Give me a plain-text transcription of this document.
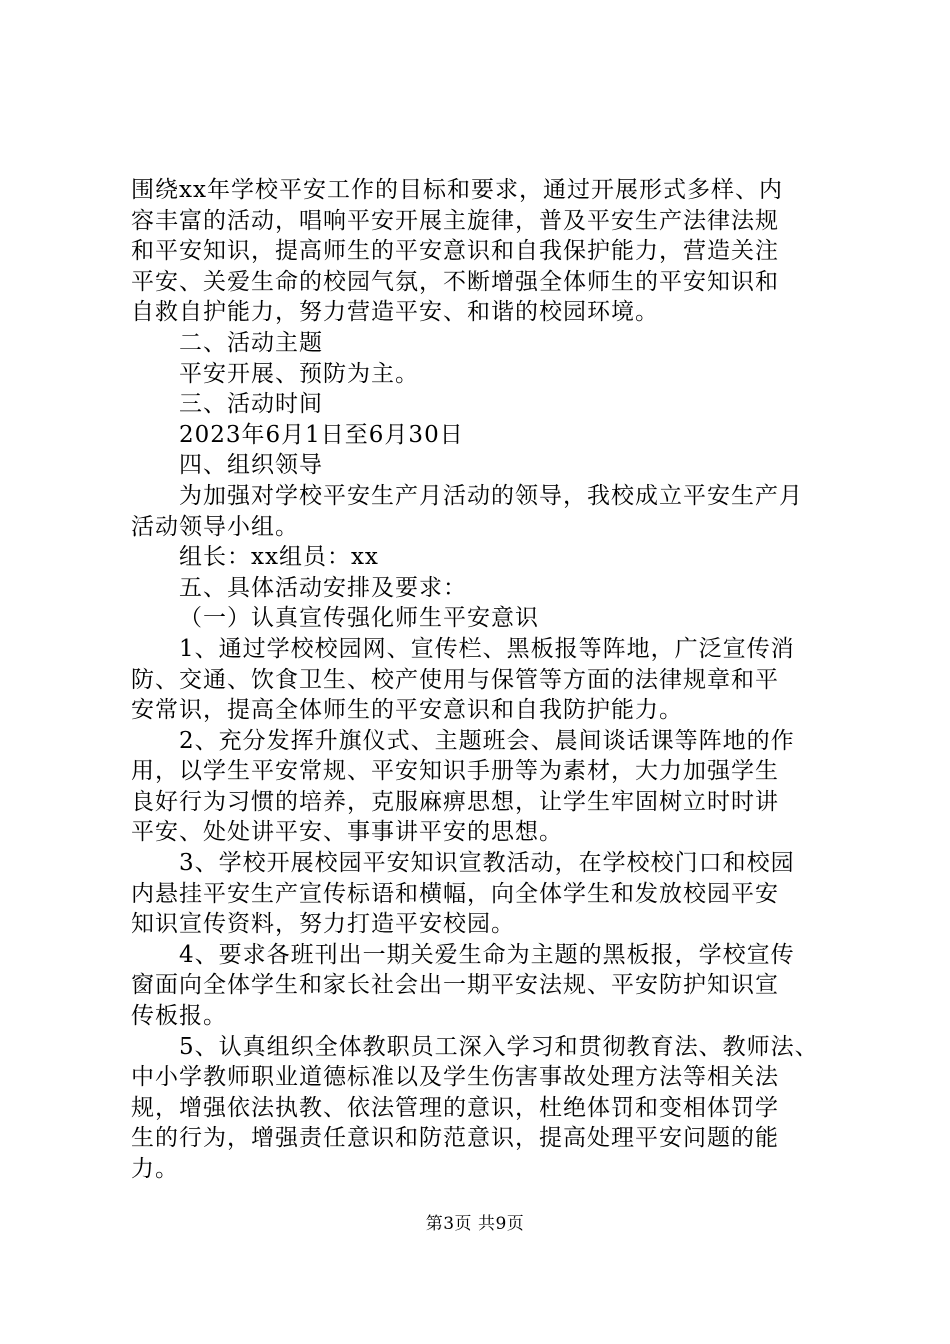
围绕xx年学校平安工作的目标和要求，通过开展形式多样、内
容丰富的活动，唱响平安开展主旋律，普及平安生产法律法规
和平安知识，提高师生的平安意识和自我保护能力，营造关注
平安、关爱生命的校园气氛，不断增强全体师生的平安知识和
自救自护能力，努力营造平安、和谐的校园环境。
二、活动主题
平安开展、预防为主。
三、活动时间
2023年6月1日至6月30日
四、组织领导
为加强对学校平安生产月活动的领导，我校成立平安生产月
活动领导小组。
组长：xx组员：xx
五、具体活动安排及要求：
（一）认真宣传强化师生平安意识
1、通过学校校园网、宣传栏、黑板报等阵地，广泛宣传消
防、交通、饮食卫生、校产使用与保管等方面的法律规章和平
安常识，提高全体师生的平安意识和自我防护能力。
2、充分发挥升旗仪式、主题班会、晨间谈话课等阵地的作
用，以学生平安常规、平安知识手册等为素材，大力加强学生
良好行为习惯的培养，克服麻痹思想，让学生牢固树立时时讲
平安、处处讲平安、事事讲平安的思想。
3、学校开展校园平安知识宣教活动，在学校校门口和校园
内悬挂平安生产宣传标语和横幅，向全体学生和发放校园平安
知识宣传资料，努力打造平安校园。
4、要求各班刊出一期关爱生命为主题的黑板报，学校宣传
窗面向全体学生和家长社会出一期平安法规、平安防护知识宣
传板报。
5、认真组织全体教职员工深入学习和贯彻教育法、教师法、
中小学教师职业道德标准以及学生伤害事故处理方法等相关法
规，增强依法执教、依法管理的意识，杜绝体罚和变相体罚学
生的行为，增强责任意识和防范意识，提高处理平安问题的能
力。
第3页 共9页
